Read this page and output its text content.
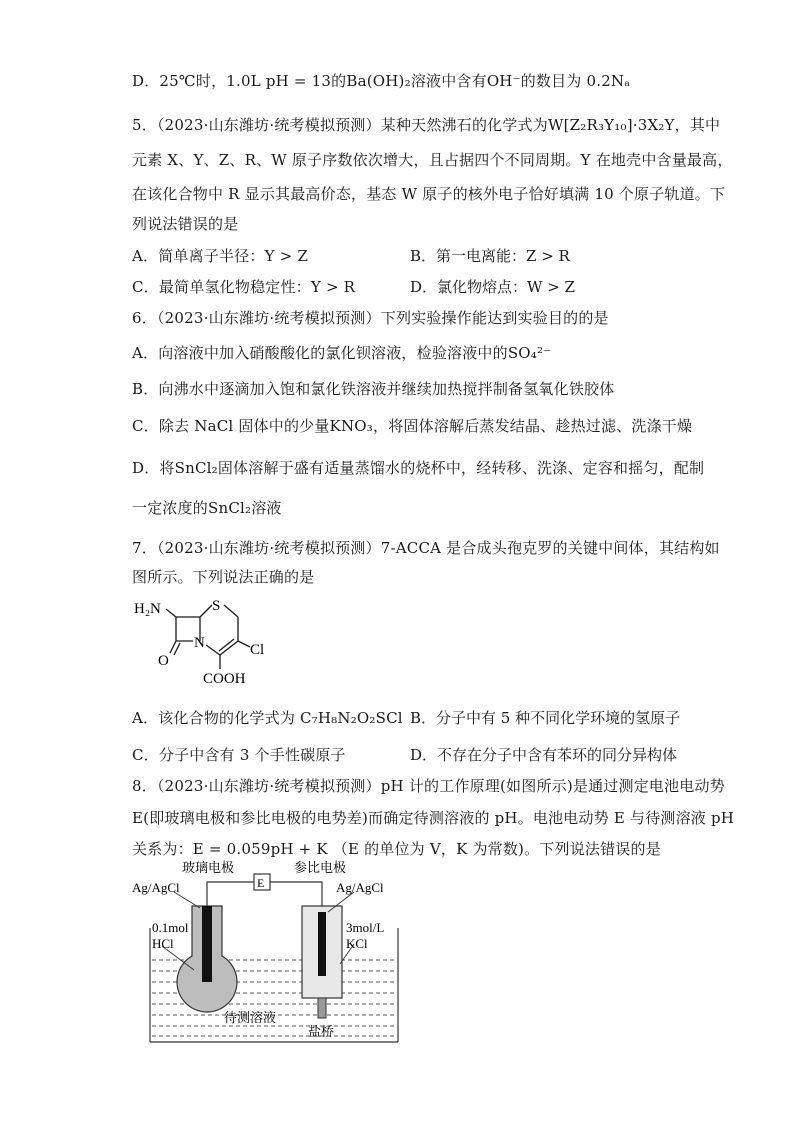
D．25℃时，1.0L pH = 13的Ba(OH)₂溶液中含有OH⁻的数目为 0.2Nₐ
5．（2023·山东潍坊·统考模拟预测）某种天然沸石的化学式为W[Z₂R₃Y₁₀]·3X₂Y，其中
元素 X、Y、Z、R、W 原子序数依次增大，且占据四个不同周期。Y 在地壳中含量最高，
在该化合物中 R 显示其最高价态，基态 W 原子的核外电子恰好填满 10 个原子轨道。下
列说法错误的是
A．简单离子半径：Y > Z	B．第一电离能：Z > R
C．最简单氢化物稳定性：Y > R	D．氯化物熔点：W > Z
6．（2023·山东潍坊·统考模拟预测）下列实验操作能达到实验目的的是
A．向溶液中加入硝酸酸化的氯化钡溶液，检验溶液中的SO₄²⁻
B．向沸水中逐滴加入饱和氯化铁溶液并继续加热搅拌制备氢氧化铁胶体
C．除去 NaCl 固体中的少量KNO₃，将固体溶解后蒸发结晶、趁热过滤、洗涤干燥
D．将SnCl₂固体溶解于盛有适量蒸馏水的烧杯中，经转移、洗涤、定容和摇匀，配制
一定浓度的SnCl₂溶液
7．（2023·山东潍坊·统考模拟预测）7-ACCA 是合成头孢克罗的关键中间体，其结构如
图所示。下列说法正确的是
H₂N	S
N
O
Cl
COOH
A．该化合物的化学式为 C₇H₈N₂O₂SCl B．分子中有 5 种不同化学环境的氢原子
C．分子中含有 3 个手性碳原子	D．不存在分子中含有苯环的同分异构体
8．（2023·山东潍坊·统考模拟预测）pH 计的工作原理(如图所示)是通过测定电池电动势
E(即玻璃电极和参比电极的电势差)而确定待测溶液的 pH。电池电动势 E 与待测溶液 pH
关系为：E = 0.059pH + K （E 的单位为 V，K 为常数)。下列说法错误的是
E
玻璃电极	参比电极
Ag/AgCl	Ag/AgCl
0.1mol
HCl
3mol/L
KCl
待测溶液
盐桥
